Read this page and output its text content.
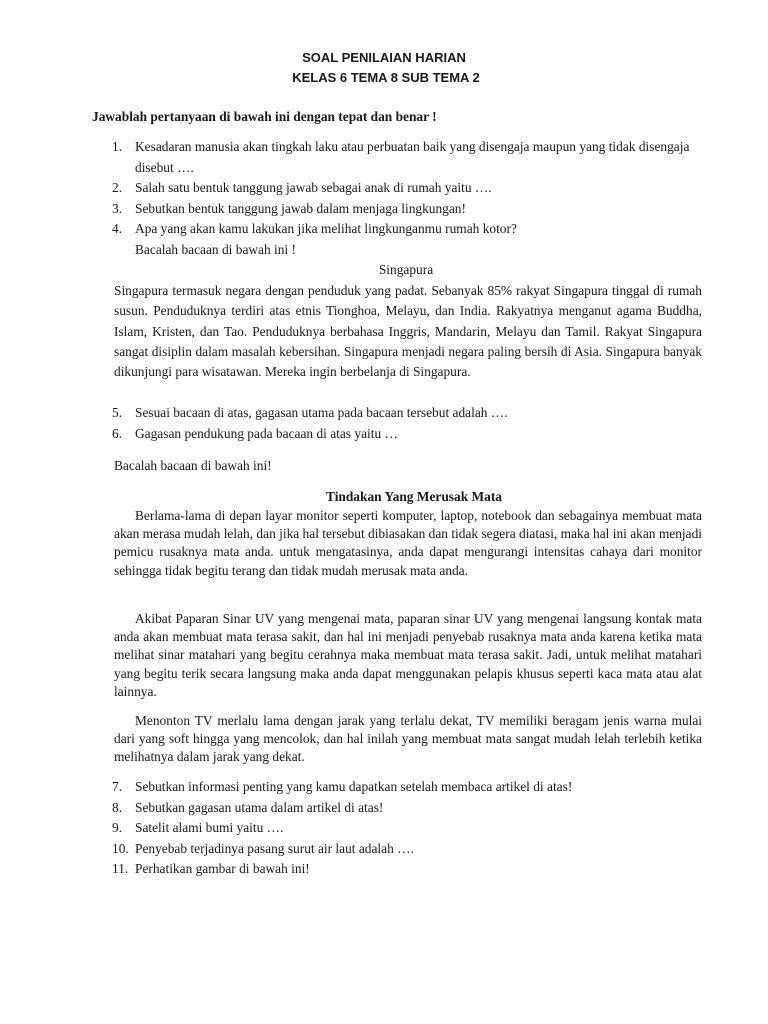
SOAL PENILAIAN HARIAN
KELAS 6 TEMA 8 SUB TEMA 2
Jawablah pertanyaan di bawah ini dengan tepat dan benar !
1. Kesadaran manusia akan tingkah laku atau perbuatan baik yang disengaja maupun yang tidak disengaja disebut ….
2. Salah satu bentuk tanggung jawab sebagai anak di rumah yaitu ….
3. Sebutkan bentuk tanggung jawab dalam menjaga lingkungan!
4. Apa yang akan kamu lakukan jika melihat lingkunganmu rumah kotor?
Bacalah bacaan di bawah ini !
Singapura
Singapura termasuk negara dengan penduduk yang padat. Sebanyak 85% rakyat Singapura tinggal di rumah susun. Penduduknya terdiri atas etnis Tionghoa, Melayu, dan India. Rakyatnya menganut agama Buddha, Islam, Kristen, dan Tao. Penduduknya berbahasa Inggris, Mandarin, Melayu dan Tamil. Rakyat Singapura sangat disiplin dalam masalah kebersihan. Singapura menjadi negara paling bersih di Asia. Singapura banyak dikunjungi para wisatawan. Mereka ingin berbelanja di Singapura.
5. Sesuai bacaan di atas, gagasan utama pada bacaan tersebut adalah ….
6. Gagasan pendukung pada bacaan di atas yaitu …
Bacalah bacaan di bawah ini!
Tindakan Yang Merusak Mata
Berlama-lama di depan layar monitor seperti komputer, laptop, notebook dan sebagainya membuat mata akan merasa mudah lelah, dan jika hal tersebut dibiasakan dan tidak segera diatasi, maka hal ini akan menjadi pemicu rusaknya mata anda. untuk mengatasinya, anda dapat mengurangi intensitas cahaya dari monitor sehingga tidak begitu terang dan tidak mudah merusak mata anda.
Akibat Paparan Sinar UV yang mengenai mata, paparan sinar UV yang mengenai langsung kontak mata anda akan membuat mata terasa sakit, dan hal ini menjadi penyebab rusaknya mata anda karena ketika mata melihat sinar matahari yang begitu cerahnya maka membuat mata terasa sakit. Jadi, untuk melihat matahari yang begitu terik secara langsung maka anda dapat menggunakan pelapis khusus seperti kaca mata atau alat lainnya.
Menonton TV merlalu lama dengan jarak yang terlalu dekat, TV memiliki beragam jenis warna mulai dari yang soft hingga yang mencolok, dan hal inilah yang membuat mata sangat mudah lelah terlebih ketika melihatnya dalam jarak yang dekat.
7. Sebutkan informasi penting yang kamu dapatkan setelah membaca artikel di atas!
8. Sebutkan gagasan utama dalam artikel di atas!
9. Satelit alami bumi yaitu ….
10. Penyebab terjadinya pasang surut air laut adalah ….
11. Perhatikan gambar di bawah ini!
